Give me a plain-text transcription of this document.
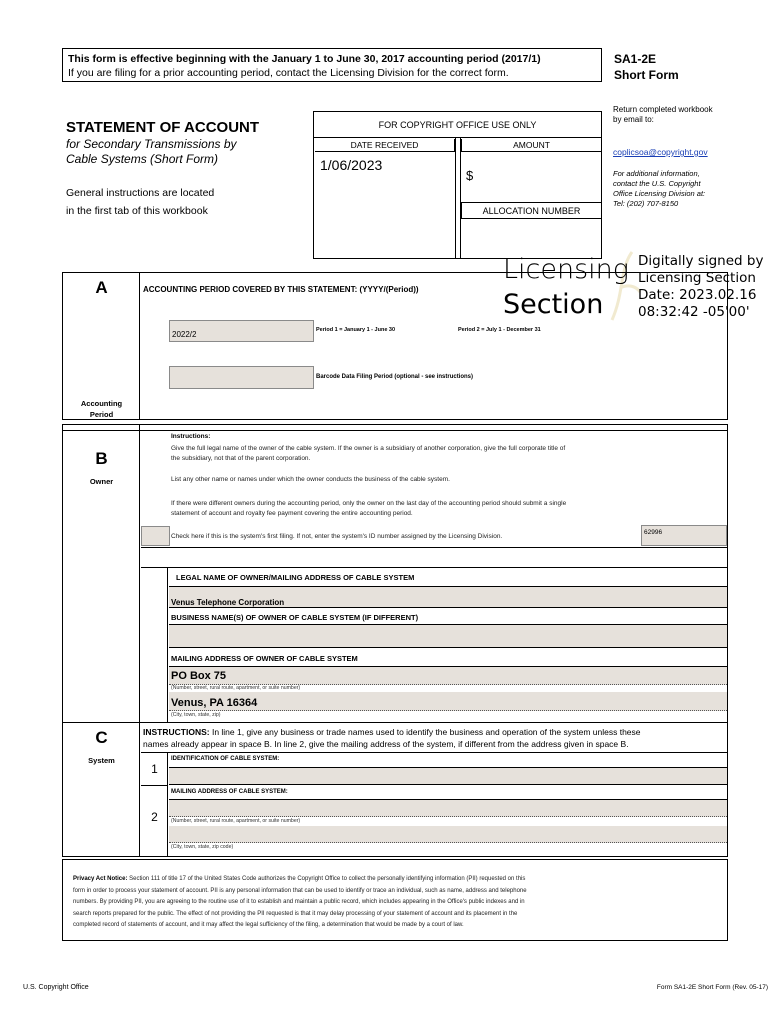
This form is effective beginning with the January 1 to June 30, 2017 accounting period (2017/1)
If you are filing for a prior accounting period, contact the Licensing Division for the correct form.
SA1-2E
Short Form
STATEMENT OF ACCOUNT
for Secondary Transmissions by
Cable Systems (Short Form)
General instructions are located
in the first tab of this workbook
FOR COPYRIGHT OFFICE USE ONLY
DATE RECEIVED	AMOUNT
1/06/2023
$
ALLOCATION NUMBER
Return completed workbook by email to:
coplicsoa@copyright.gov
For additional information,
contact the U.S. Copyright
Office Licensing Division at:
Tel: (202) 707-8150
Licensing
Section
Digitally signed by
Licensing Section
Date: 2023.02.16
08:32:42 -05'00'
A
Accounting
Period
ACCOUNTING PERIOD COVERED BY THIS STATEMENT: (YYYY/(Period))
2022/2	Period 1 = January 1 - June 30	Period 2 = July 1 - December 31
Barcode Data Filing Period (optional - see instructions)
B
Owner
Instructions:
Give the full legal name of the owner of the cable system. If the owner is a subsidiary of another corporation, give the full corporate title of
the subsidiary, not that of the parent corporation.
List any other name or names under which the owner conducts the business of the cable system.
If there were different owners during the accounting period, only the owner on the last day of the accounting period should submit a single
statement of account and royalty fee payment covering the entire accounting period.
Check here if this is the system's first filing. If not, enter the system's ID number assigned by the Licensing Division.
62996
LEGAL NAME OF OWNER/MAILING ADDRESS OF CABLE SYSTEM
Venus Telephone Corporation
BUSINESS NAME(S) OF OWNER OF CABLE SYSTEM (IF DIFFERENT)
MAILING ADDRESS OF OWNER OF CABLE SYSTEM
PO Box 75
(Number, street, rural route, apartment, or suite number)
Venus, PA 16364
(City, town, state, zip)
C
System
INSTRUCTIONS: In line 1, give any business or trade names used to identify the business and operation of the system unless these
names already appear in space B. In line 2, give the mailing address of the system, if different from the address given in space B.
1
IDENTIFICATION OF CABLE SYSTEM:
2
MAILING ADDRESS OF CABLE SYSTEM:
(Number, street, rural route, apartment, or suite number)
(City, town, state, zip code)
Privacy Act Notice: Section 111 of title 17 of the United States Code authorizes the Copyright Office to collect the personally identifying information (PII) requested on this
form in order to process your statement of account. PII is any personal information that can be used to identify or trace an individual, such as name, address and telephone
numbers. By providing PII, you are agreeing to the routine use of it to establish and maintain a public record, which includes appearing in the Office's public indexes and in
search reports prepared for the public. The effect of not providing the PII requested is that it may delay processing of your statement of account and its placement in the
completed record of statements of account, and it may affect the legal sufficiency of the filing, a determination that would be made by a court of law.
U.S. Copyright Office	Form SA1-2E Short Form (Rev. 05-17)
